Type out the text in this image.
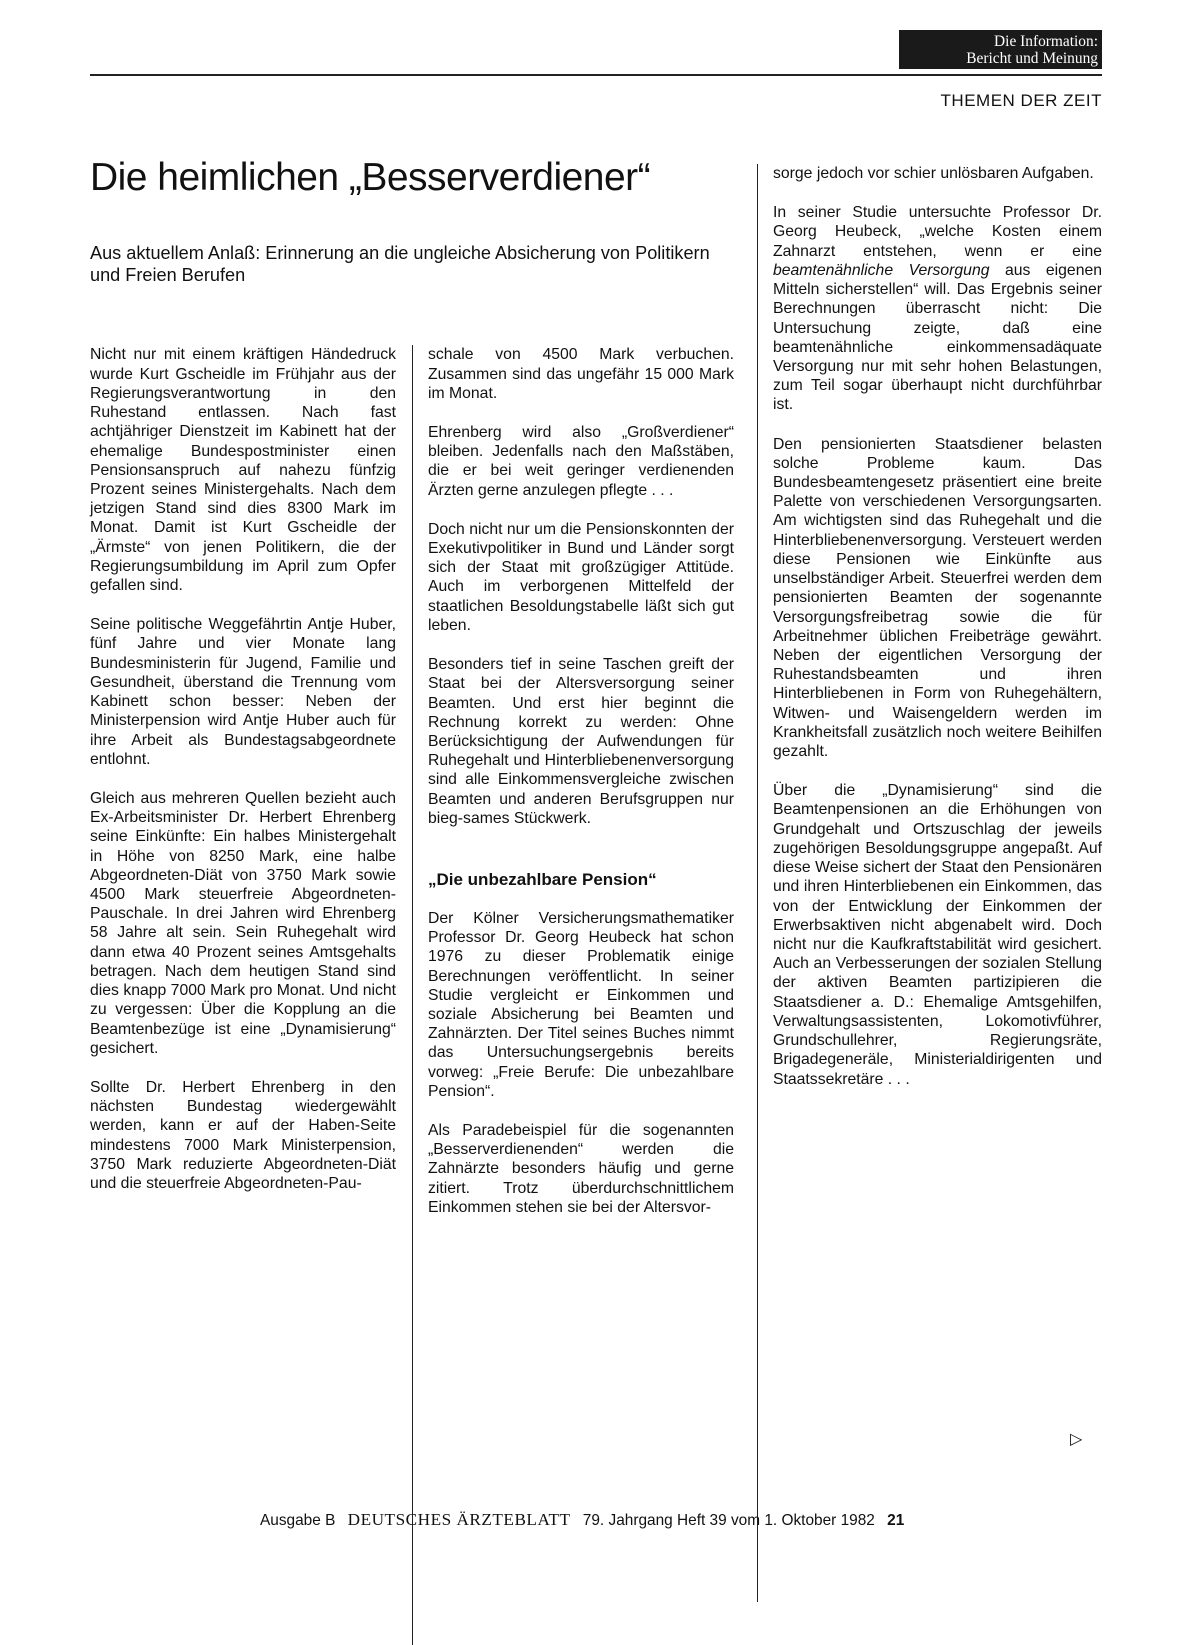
Die Information:
Bericht und Meinung
THEMEN DER ZEIT
Die heimlichen „Besserverdiener“

Aus aktuellem Anlaß: Erinnerung an die ungleiche Absicherung von Politikern und Freien Berufen

Nicht nur mit einem kräftigen Händedruck wurde Kurt Gscheidle im Frühjahr aus der Regierungsverantwortung in den Ruhestand entlassen. Nach fast achtjähriger Dienstzeit im Kabinett hat der ehemalige Bundespostminister einen Pensionsanspruch auf nahezu fünfzig Prozent seines Ministergehalts. Nach dem jetzigen Stand sind dies 8300 Mark im Monat. Damit ist Kurt Gscheidle der „Ärmste“ von jenen Politikern, die der Regierungsumbildung im April zum Opfer gefallen sind.

Seine politische Weggefährtin Antje Huber, fünf Jahre und vier Monate lang Bundesministerin für Jugend, Familie und Gesundheit, überstand die Trennung vom Kabinett schon besser: Neben der Ministerpension wird Antje Huber auch für ihre Arbeit als Bundestagsabgeordnete entlohnt.

Gleich aus mehreren Quellen bezieht auch Ex-Arbeitsminister Dr. Herbert Ehrenberg seine Einkünfte: Ein halbes Ministergehalt in Höhe von 8250 Mark, eine halbe Abgeordneten-Diät von 3750 Mark sowie 4500 Mark steuerfreie Abgeordneten-Pauschale. In drei Jahren wird Ehrenberg 58 Jahre alt sein. Sein Ruhegehalt wird dann etwa 40 Prozent seines Amtsgehalts betragen. Nach dem heutigen Stand sind dies knapp 7000 Mark pro Monat. Und nicht zu vergessen: Über die Kopplung an die Beamtenbezüge ist eine „Dynamisierung“ gesichert.

Sollte Dr. Herbert Ehrenberg in den nächsten Bundestag wiedergewählt werden, kann er auf der Haben-Seite mindestens 7000 Mark Ministerpension, 3750 Mark reduzierte Abgeordneten-Diät und die steuerfreie Abgeordneten-Pau-

schale von 4500 Mark verbuchen. Zusammen sind das ungefähr 15 000 Mark im Monat.

Ehrenberg wird also „Großverdiener“ bleiben. Jedenfalls nach den Maßstäben, die er bei weit geringer verdienenden Ärzten gerne anzulegen pflegte . . .

Doch nicht nur um die Pensionskonnten der Exekutivpolitiker in Bund und Länder sorgt sich der Staat mit großzügiger Attitüde. Auch im verborgenen Mittelfeld der staatlichen Besoldungstabelle läßt sich gut leben.

Besonders tief in seine Taschen greift der Staat bei der Altersversorgung seiner Beamten. Und erst hier beginnt die Rechnung korrekt zu werden: Ohne Berücksichtigung der Aufwendungen für Ruhegehalt und Hinterbliebenenversorgung sind alle Einkommensvergleiche zwischen Beamten und anderen Berufsgruppen nur bieg-sames Stückwerk.

„Die unbezahlbare Pension“

Der Kölner Versicherungsmathematiker Professor Dr. Georg Heubeck hat schon 1976 zu dieser Problematik einige Berechnungen veröffentlicht. In seiner Studie vergleicht er Einkommen und soziale Absicherung bei Beamten und Zahnärzten. Der Titel seines Buches nimmt das Untersuchungsergebnis bereits vorweg: „Freie Berufe: Die unbezahlbare Pension“.

Als Paradebeispiel für die sogenannten „Besserverdienenden“ werden die Zahnärzte besonders häufig und gerne zitiert. Trotz überdurchschnittlichem Einkommen stehen sie bei der Altersvor-

sorge jedoch vor schier unlösbaren Aufgaben.

In seiner Studie untersuchte Professor Dr. Georg Heubeck, „welche Kosten einem Zahnarzt entstehen, wenn er eine beamtenähnliche Versorgung aus eigenen Mitteln sicherstellen“ will. Das Ergebnis seiner Berechnungen überrascht nicht: Die Untersuchung zeigte, daß eine beamtenähnliche einkommensadäquate Versorgung nur mit sehr hohen Belastungen, zum Teil sogar überhaupt nicht durchführbar ist.

Den pensionierten Staatsdiener belasten solche Probleme kaum. Das Bundesbeamtengesetz präsentiert eine breite Palette von verschiedenen Versorgungsarten. Am wichtigsten sind das Ruhegehalt und die Hinterbliebenenversorgung. Versteuert werden diese Pensionen wie Einkünfte aus unselbständiger Arbeit. Steuerfrei werden dem pensionierten Beamten der sogenannte Versorgungsfreibetrag sowie die für Arbeitnehmer üblichen Freibeträge gewährt. Neben der eigentlichen Versorgung der Ruhestandsbeamten und ihren Hinterbliebenen in Form von Ruhegehältern, Witwen- und Waisengeldern werden im Krankheitsfall zusätzlich noch weitere Beihilfen gezahlt.

Über die „Dynamisierung“ sind die Beamtenpensionen an die Erhöhungen von Grundgehalt und Ortszuschlag der jeweils zugehörigen Besoldungsgruppe angepaßt. Auf diese Weise sichert der Staat den Pensionären und ihren Hinterbliebenen ein Einkommen, das von der Entwicklung der Einkommen der Erwerbsaktiven nicht abgenabelt wird. Doch nicht nur die Kaufkraftstabilität wird gesichert. Auch an Verbesserungen der sozialen Stellung der aktiven Beamten partizipieren die Staatsdiener a. D.: Ehemalige Amtsgehilfen, Verwaltungsassistenten, Lokomotivführer, Grundschullehrer, Regierungsräte, Brigadegeneräle, Ministerialdirigenten und Staatssekretäre . . .

▷
Ausgabe B DEUTSCHES ÄRZTEBLATT 79. Jahrgang Heft 39 vom 1. Oktober 1982 21
